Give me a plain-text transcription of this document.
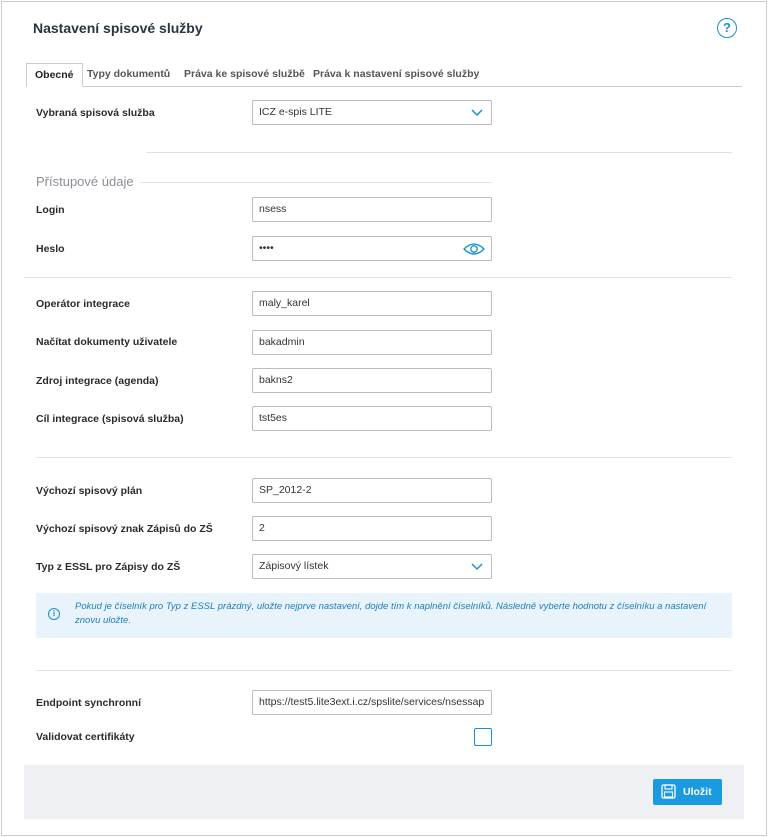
Nastavení spisové služby	?
Obecné	Typy dokumentů	Práva ke spisové službě Práva k nastavení spisové služby
Vybraná spisová služba	ICZ e-spis LITE
Přístupové údaje
Login	nsess
Heslo	••••
Operátor integrace	maly_karel
Načítat dokumenty uživatele	bakadmin
Zdroj integrace (agenda)	bakns2
Cíl integrace (spisová služba)	tst5es
Výchozí spisový plán	SP_2012-2
Výchozí spisový znak Zápisů do ZŠ	2
Typ z ESSL pro Zápisy do ZŠ	Zápisový lístek
i
Pokud je číselník pro Typ z ESSL prázdný, uložte nejprve nastavení, dojde tím k naplnění číselníků. Následně vyberte hodnotu z číselníku a nastavení znovu uložte.
Endpoint synchronní	https://test5.lite3ext.i.cz/spslite/services/nsessap
Validovat certifikáty
Uložit
